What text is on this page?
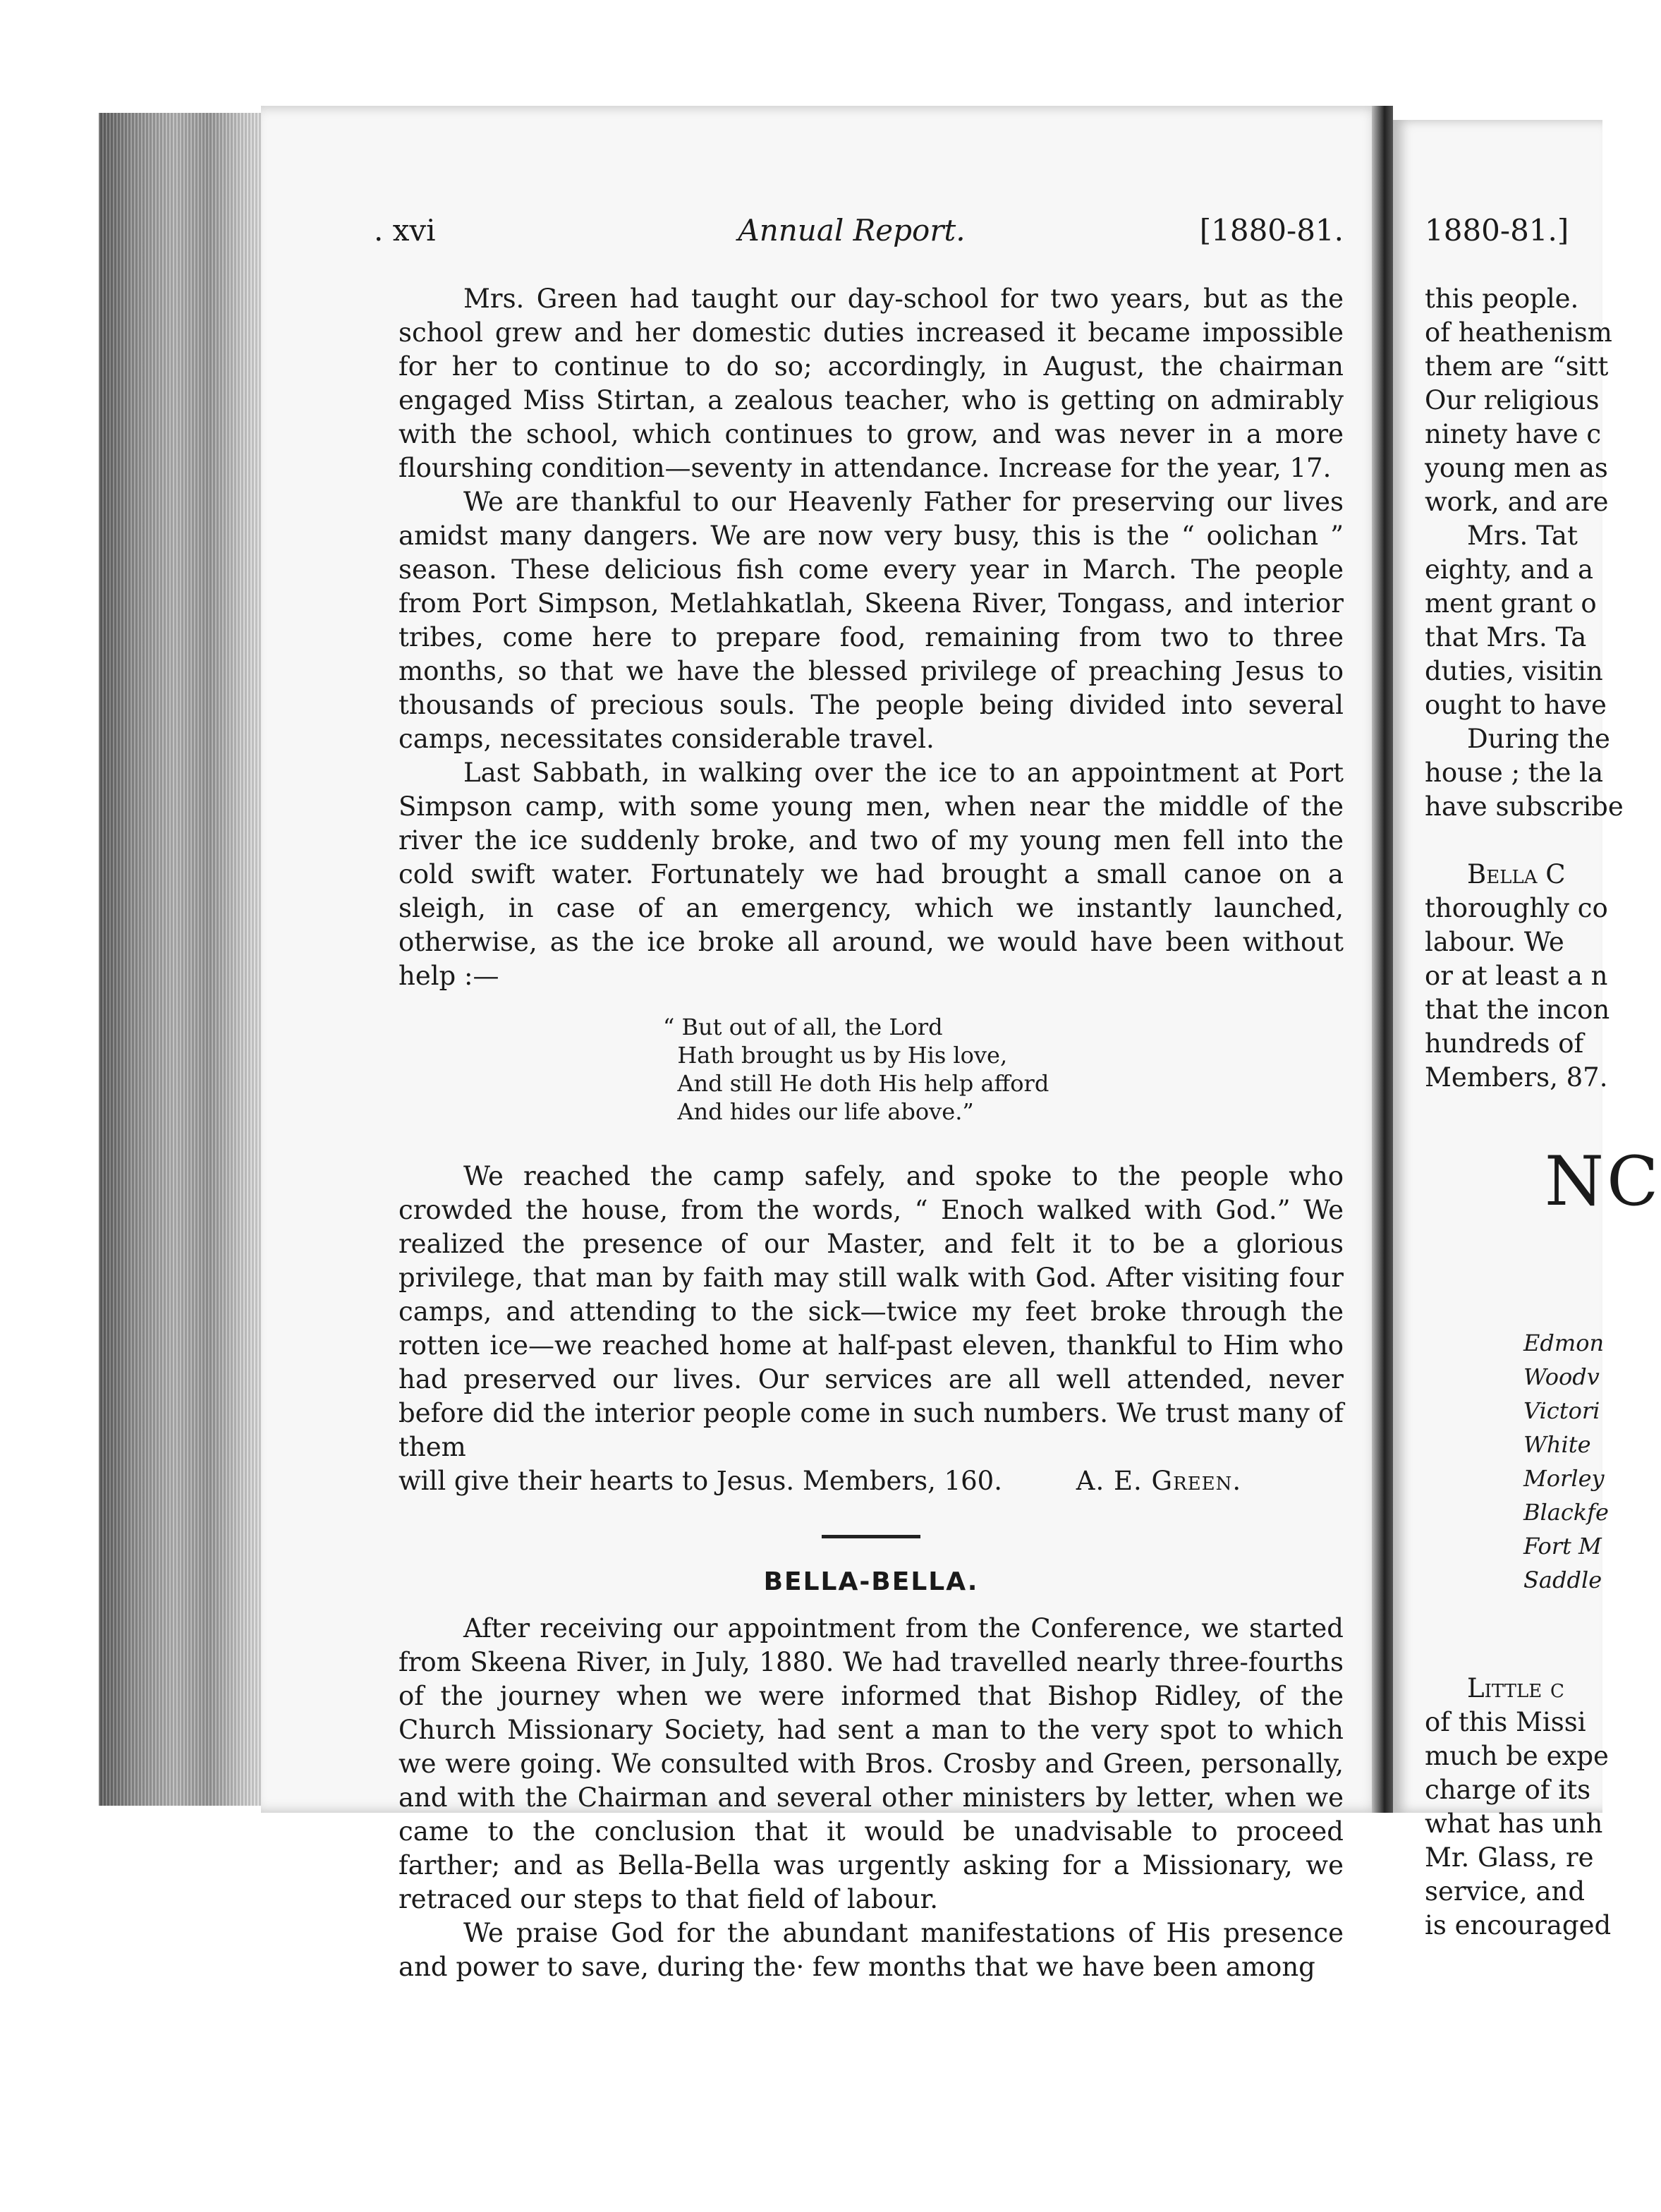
. xvi	Annual Report.	[1880-81.

Mrs. Green had taught our day-school for two years, but as the school grew and her domestic duties increased it became impossible for her to continue to do so; accordingly, in August, the chairman engaged Miss Stirtan, a zealous teacher, who is getting on admirably with the school, which continues to grow, and was never in a more flourshing condition—seventy in attendance. Increase for the year, 17.

We are thankful to our Heavenly Father for preserving our lives amidst many dangers. We are now very busy, this is the “ oolichan ” season. These delicious fish come every year in March. The people from Port Simpson, Metlahkatlah, Skeena River, Tongass, and interior tribes, come here to prepare food, remaining from two to three months, so that we have the blessed privilege of preaching Jesus to thousands of precious souls. The people being divided into several camps, necessitates considerable travel.

Last Sabbath, in walking over the ice to an appointment at Port Simpson camp, with some young men, when near the middle of the river the ice suddenly broke, and two of my young men fell into the cold swift water. Fortunately we had brought a small canoe on a sleigh, in case of an emergency, which we instantly launched, otherwise, as the ice broke all around, we would have been without help :—

“ But out of all, the Lord
Hath brought us by His love,
And still He doth His help afford
And hides our life above.”

We reached the camp safely, and spoke to the people who crowded the house, from the words, “ Enoch walked with God.” We realized the presence of our Master, and felt it to be a glorious privilege, that man by faith may still walk with God. After visiting four camps, and attending to the sick—twice my feet broke through the rotten ice—we reached home at half-past eleven, thankful to Him who had preserved our lives. Our services are all well attended, never before did the interior people come in such numbers. We trust many of them

will give their hearts to Jesus. Members, 160.	A. E. Green.
BELLA-BELLA.

After receiving our appointment from the Conference, we started from Skeena River, in July, 1880. We had travelled nearly three-fourths of the journey when we were informed that Bishop Ridley, of the Church Missionary Society, had sent a man to the very spot to which we were going. We consulted with Bros. Crosby and Green, personally, and with the Chairman and several other ministers by letter, when we came to the conclusion that it would be unadvisable to proceed farther; and as Bella-Bella was urgently asking for a Missionary, we retraced our steps to that field of labour.

We praise God for the abundant manifestations of His presence and power to save, during the· few months that we have been among

1880-81.]
this people.
of heathenism
them are “sitt
Our religious
ninety have c
young men as
work, and are
Mrs. Tat
eighty, and a
ment grant o
that Mrs. Ta
duties, visitin
ought to have
During the
house ; the la
have subscribe
Bella C
thoroughly co
labour. We
or at least a n
that the incon
hundreds of
Members, 87.
NC
Edmon
Woodv
Victori
White
Morley
Blackfe
Fort M
Saddle
Little c
of this Missi
much be expe
charge of its
what has unh
Mr. Glass, re
service, and
is encouraged
